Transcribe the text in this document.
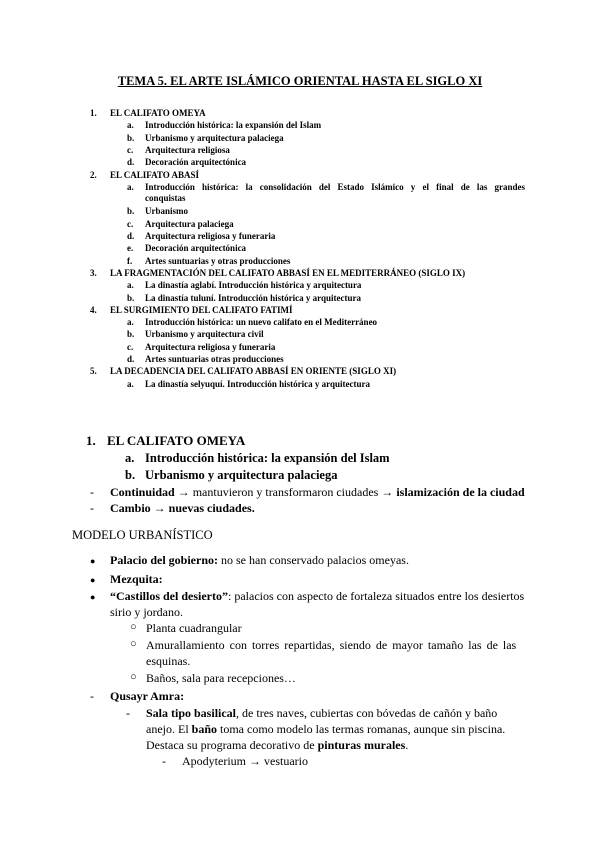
TEMA 5. EL ARTE ISLÁMICO ORIENTAL HASTA EL SIGLO XI
1. EL CALIFATO OMEYA
a. Introducción histórica: la expansión del Islam
b. Urbanismo y arquitectura palaciega
c. Arquitectura religiosa
d. Decoración arquitectónica
2. EL CALIFATO ABASÍ
a. Introducción histórica: la consolidación del Estado Islámico y el final de las grandes
conquistas
b. Urbanismo
c. Arquitectura palaciega
d. Arquitectura religiosa y funeraria
e. Decoración arquitectónica
f. Artes suntuarias y otras producciones
3. LA FRAGMENTACIÓN DEL CALIFATO ABBASÍ EN EL MEDITERRÁNEO (SIGLO IX)
a. La dinastía aglabí. Introducción histórica y arquitectura
b. La dinastía tuluní. Introducción histórica y arquitectura
4. EL SURGIMIENTO DEL CALIFATO FATIMÍ
a. Introducción histórica: un nuevo califato en el Mediterráneo
b. Urbanismo y arquitectura civil
c. Arquitectura religiosa y funeraria
d. Artes suntuarias otras producciones
5. LA DECADENCIA DEL CALIFATO ABBASÍ EN ORIENTE (SIGLO XI)
a. La dinastía selyuquí. Introducción histórica y arquitectura
1. EL CALIFATO OMEYA
a. Introducción histórica: la expansión del Islam
b. Urbanismo y arquitectura palaciega
- Continuidad → mantuvieron y transformaron ciudades → islamización de la ciudad
- Cambio → nuevas ciudades.
MODELO URBANÍSTICO
● Palacio del gobierno: no se han conservado palacios omeyas.
● Mezquita:
● “Castillos del desierto”: palacios con aspecto de fortaleza situados entre los desiertos
sirio y jordano.
○ Planta cuadrangular
○ Amurallamiento con torres repartidas, siendo de mayor tamaño las de las
esquinas.
○ Baños, sala para recepciones…
- Qusayr Amra:
- Sala tipo basilical, de tres naves, cubiertas con bóvedas de cañón y baño
anejo. El baño toma como modelo las termas romanas, aunque sin piscina.
Destaca su programa decorativo de pinturas murales.
- Apodyterium → vestuario
